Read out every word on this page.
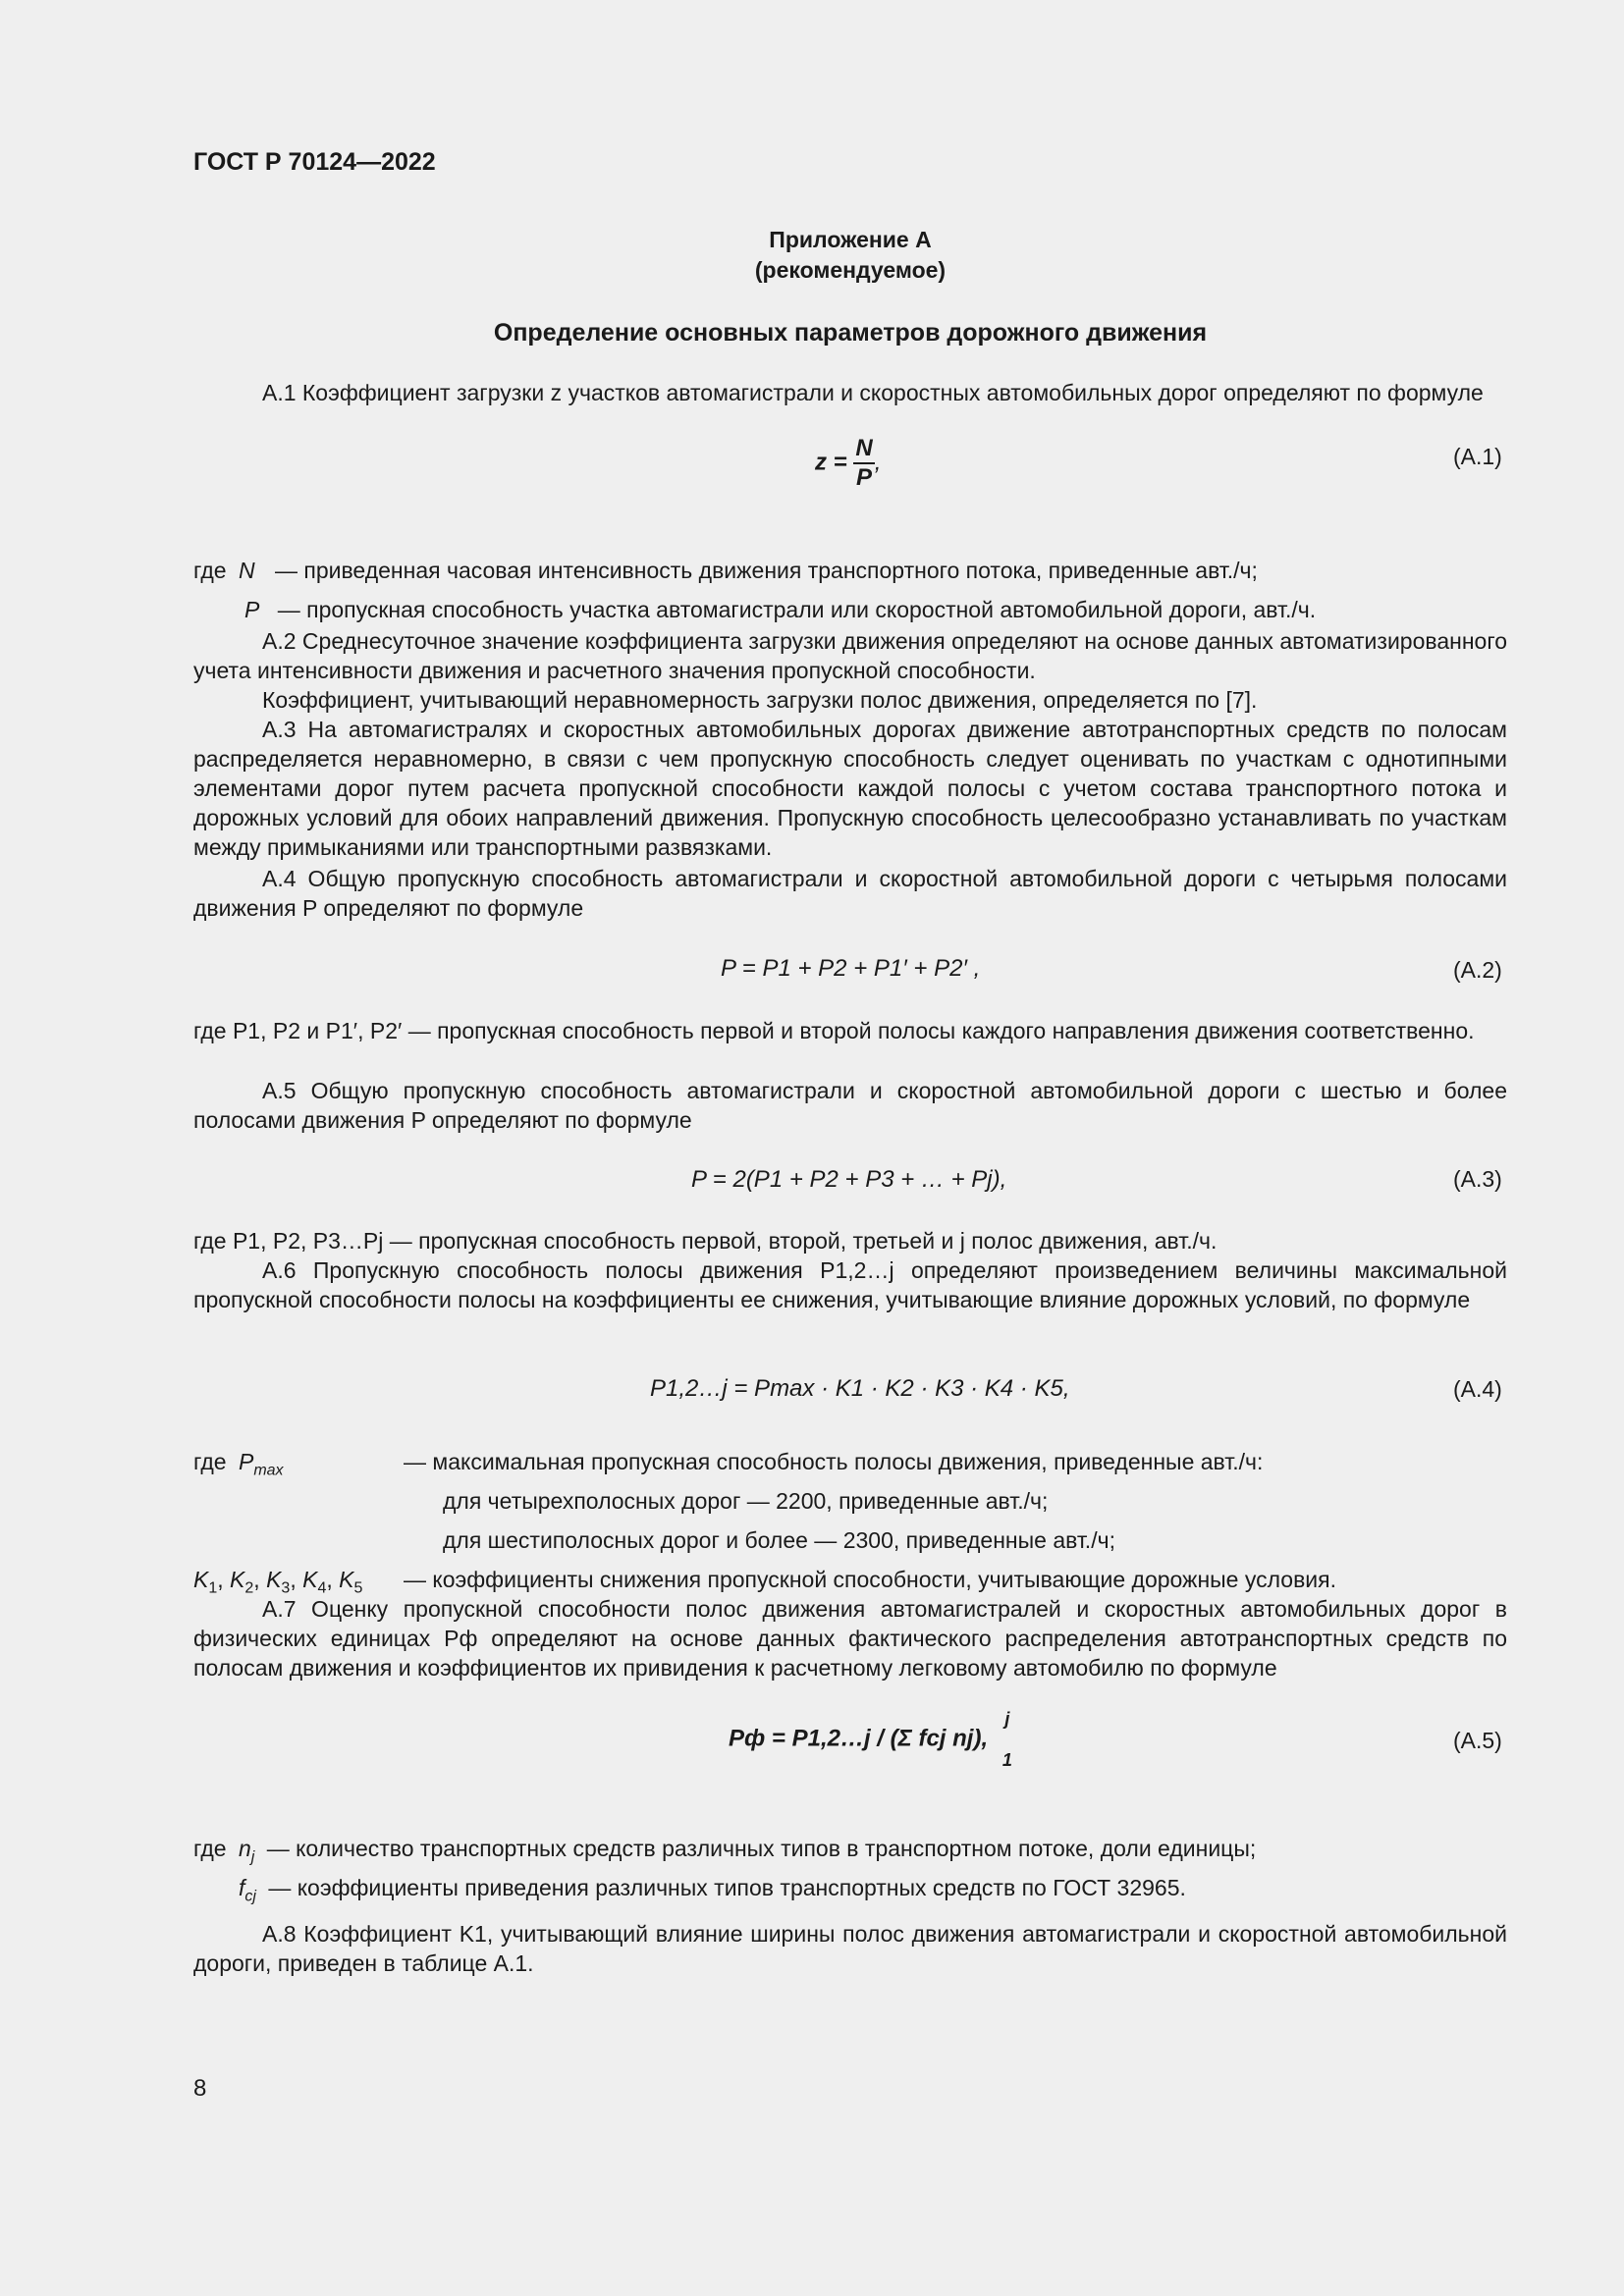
ГОСТ Р 70124—2022
Приложение А
(рекомендуемое)
Определение основных параметров дорожного движения
А.1 Коэффициент загрузки z участков автомагистрали и скоростных автомобильных дорог определяют по формуле
$z = \frac{N}{P}$ ,	(А.1)
где N — приведенная часовая интенсивность движения транспортного потока, приведенные авт./ч;
P — пропускная способность участка автомагистрали или скоростной автомобильной дороги, авт./ч.
А.2 Среднесуточное значение коэффициента загрузки движения определяют на основе данных автоматизированного учета интенсивности движения и расчетного значения пропускной способности.
Коэффициент, учитывающий неравномерность загрузки полос движения, определяется по [7].
А.3 На автомагистралях и скоростных автомобильных дорогах движение автотранспортных средств по полосам распределяется неравномерно, в связи с чем пропускную способность следует оценивать по участкам с однотипными элементами дорог путем расчета пропускной способности каждой полосы с учетом состава транспортного потока и дорожных условий для обоих направлений движения. Пропускную способность целесообразно устанавливать по участкам между примыканиями или транспортными развязками.
А.4 Общую пропускную способность автомагистрали и скоростной автомобильной дороги с четырьмя полосами движения P определяют по формуле
P = P1 + P2 + P1′ + P2′ ,	(А.2)
где P1, P2 и P1′, P2′ — пропускная способность первой и второй полосы каждого направления движения соответственно.
А.5 Общую пропускную способность автомагистрали и скоростной автомобильной дороги с шестью и более полосами движения P определяют по формуле
P = 2(P1 + P2 + P3 + … + Pj),	(А.3)
где P1, P2, P3…Pj — пропускная способность первой, второй, третьей и j полос движения, авт./ч.
А.6 Пропускную способность полосы движения P1,2…j определяют произведением величины максимальной пропускной способности полосы на коэффициенты ее снижения, учитывающие влияние дорожных условий, по формуле
P1,2…j = Pmax · K1 · K2 · K3 · K4 · K5,	(А.4)
где $P_{max}$	— максимальная пропускная способность полосы движения, приведенные авт./ч:
для четырехполосных дорог — 2200, приведенные авт./ч;
для шестиполосных дорог и более — 2300, приведенные авт./ч;
$K_1$, $K_2$, $K_3$, $K_4$, $K_5$ — коэффициенты снижения пропускной способности, учитывающие дорожные условия.
А.7 Оценку пропускной способности полос движения автомагистралей и скоростных автомобильных дорог в физических единицах Pф определяют на основе данных фактического распределения автотранспортных средств по полосам движения и коэффициентов их привидения к расчетному легковому автомобилю по формуле
Pф = P1,2…j / (Σ fcj nj),
j
1
(А.5)
где $n_j$ — количество транспортных средств различных типов в транспортном потоке, доли единицы;
$f_{cj}$ — коэффициенты приведения различных типов транспортных средств по ГОСТ 32965.
А.8 Коэффициент K1, учитывающий влияние ширины полос движения автомагистрали и скоростной автомобильной дороги, приведен в таблице А.1.
8
